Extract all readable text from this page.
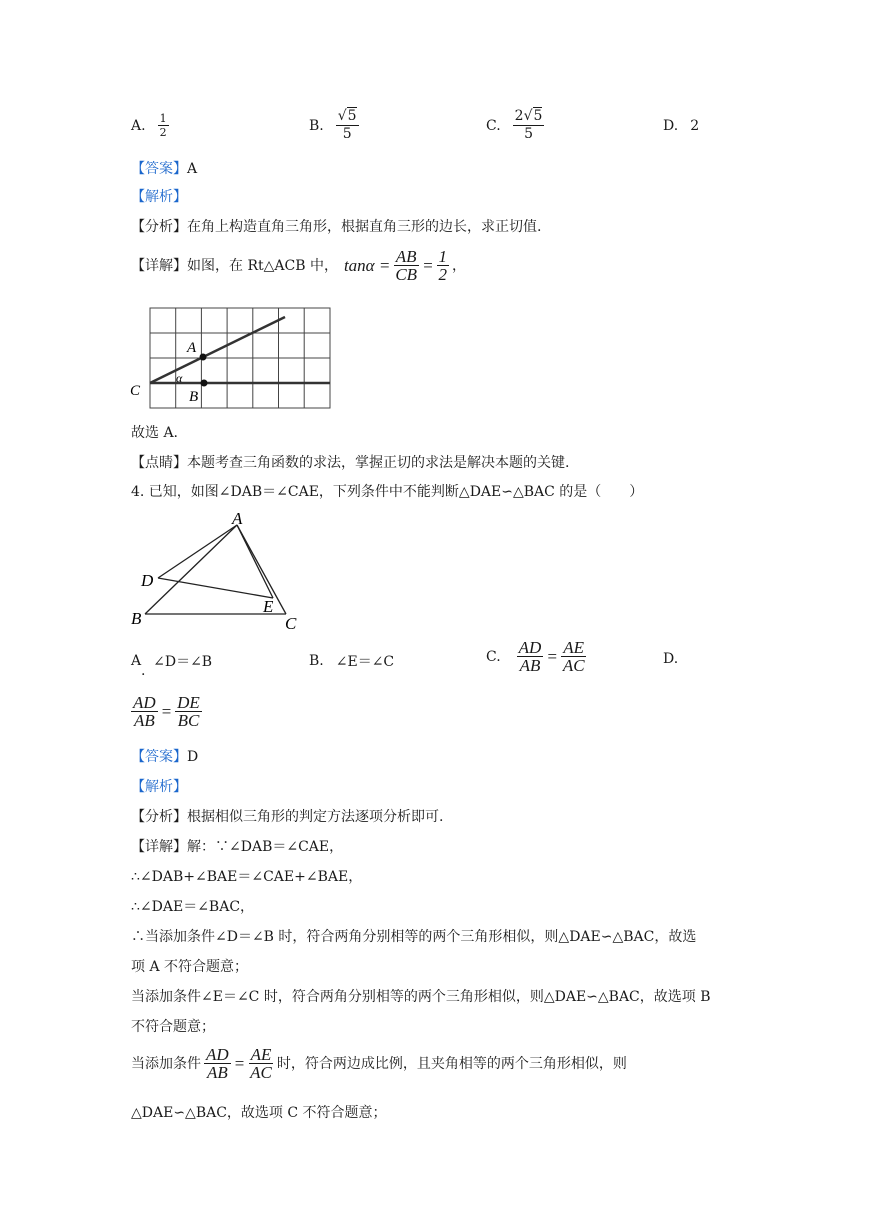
A. $\frac{1}{2}$	B. $\frac{√5}{5}$	C. $\frac{2√5}{5}$	D. 2
【答案】A
【解析】
【分析】在角上构造直角三角形，根据直角三形的边长，求正切值.
【详解】 如图，在 Rt△ACB 中， $\tan\alpha = \frac{AB}{CB} = \frac{1}{2}$ ，
A
B
C
α
故选 A.
【点睛】本题考查三角函数的求法，掌握正切的求法是解决本题的关键.
4. 已知，如图∠DAB＝∠CAE，下列条件中不能判断△DAE∽△BAC 的是（　　）
A
D
B
E
C
A ∠D＝∠B
.
B. ∠E＝∠C	C. $\frac{AD}{AB} = \frac{AE}{AC}$	D.
$\frac{AD}{AB} = \frac{DE}{BC}$
【答案】D
【解析】
【分析】根据相似三角形的判定方法逐项分析即可.
【详解】解：∵∠DAB＝∠CAE，
∴∠DAB+∠BAE＝∠CAE+∠BAE，
∴∠DAE＝∠BAC，
∴当添加条件∠D＝∠B 时，符合两角分别相等的两个三角形相似，则△DAE∽△BAC，故选
项 A 不符合题意；
当添加条件∠E＝∠C 时，符合两角分别相等的两个三角形相似，则△DAE∽△BAC，故选项 B
不符合题意；
当添加条件 $\frac{AD}{AB} = \frac{AE}{AC}$ 时，符合两边成比例，且夹角相等的两个三角形相似，则
△DAE∽△BAC，故选项 C 不符合题意；
